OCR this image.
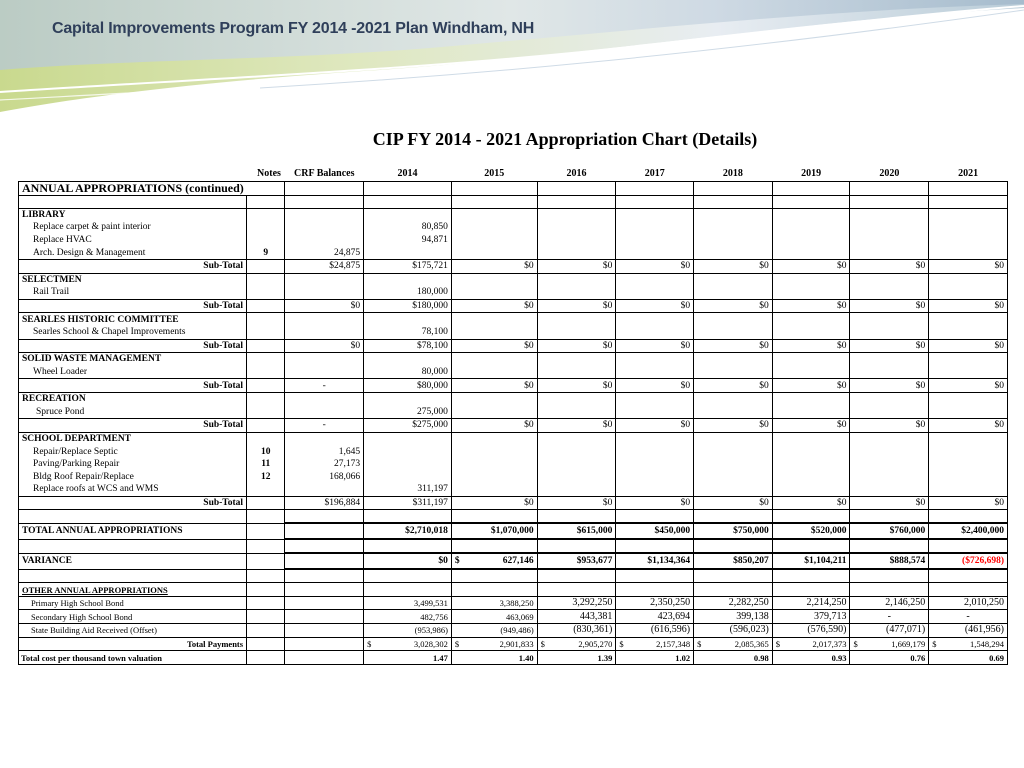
Capital Improvements Program FY 2014 -2021 Plan Windham, NH
CIP FY 2014 - 2021 Appropriation Chart (Details)
	Notes	CRF Balances	2014	2015	2016	2017	2018	2019	2020	2021
ANNUAL APPROPRIATIONS (continued)										

LIBRARY										
Replace carpet & paint interior			80,850							
Replace HVAC			94,871							
Arch. Design & Management	9	24,875								
Sub-Total		$24,875	$175,721	$0	$0	$0	$0	$0	$0	$0
SELECTMEN										
Rail Trail			180,000							
Sub-Total		$0	$180,000	$0	$0	$0	$0	$0	$0	$0
SEARLES HISTORIC COMMITTEE										
Searles School & Chapel Improvements			78,100							
Sub-Total		$0	$78,100	$0	$0	$0	$0	$0	$0	$0
SOLID WASTE MANAGEMENT										
Wheel Loader			80,000							
Sub-Total		-	$80,000	$0	$0	$0	$0	$0	$0	$0
RECREATION										
Spruce Pond			275,000							
Sub-Total		-	$275,000	$0	$0	$0	$0	$0	$0	$0
SCHOOL DEPARTMENT										
Repair/Replace Septic	10	1,645								
Paving/Parking Repair	11	27,173								
Bldg Roof Repair/Replace	12	168,066								
Replace roofs at WCS and WMS			311,197							
Sub-Total		$196,884	$311,197	$0	$0	$0	$0	$0	$0	$0

TOTAL ANNUAL APPROPRIATIONS			$2,710,018	$1,070,000	$615,000	$450,000	$750,000	$520,000	$760,000	$2,400,000

VARIANCE			$0	$ 627,146	$953,677	$1,134,364	$850,207	$1,104,211	$888,574	($726,698)

OTHER ANNUAL APPROPRIATIONS										
Primary High School Bond			3,499,531	3,388,250	3,292,250	2,350,250	2,282,250	2,214,250	2,146,250	2,010,250
Secondary High School Bond			482,756	463,069	443,381	423,694	399,138	379,713	-	-
State Building Aid Received (Offset)			(953,986)	(949,486)	(830,361)	(616,596)	(596,023)	(576,590)	(477,071)	(461,956)
Total Payments			$ 3,028,302	$ 2,901,833	$ 2,905,270	$ 2,157,348	$ 2,085,365	$ 2,017,373	$ 1,669,179	$ 1,548,294

Total cost per thousand town valuation			1.47	1.40	1.39	1.02	0.98	0.93	0.76	0.69
